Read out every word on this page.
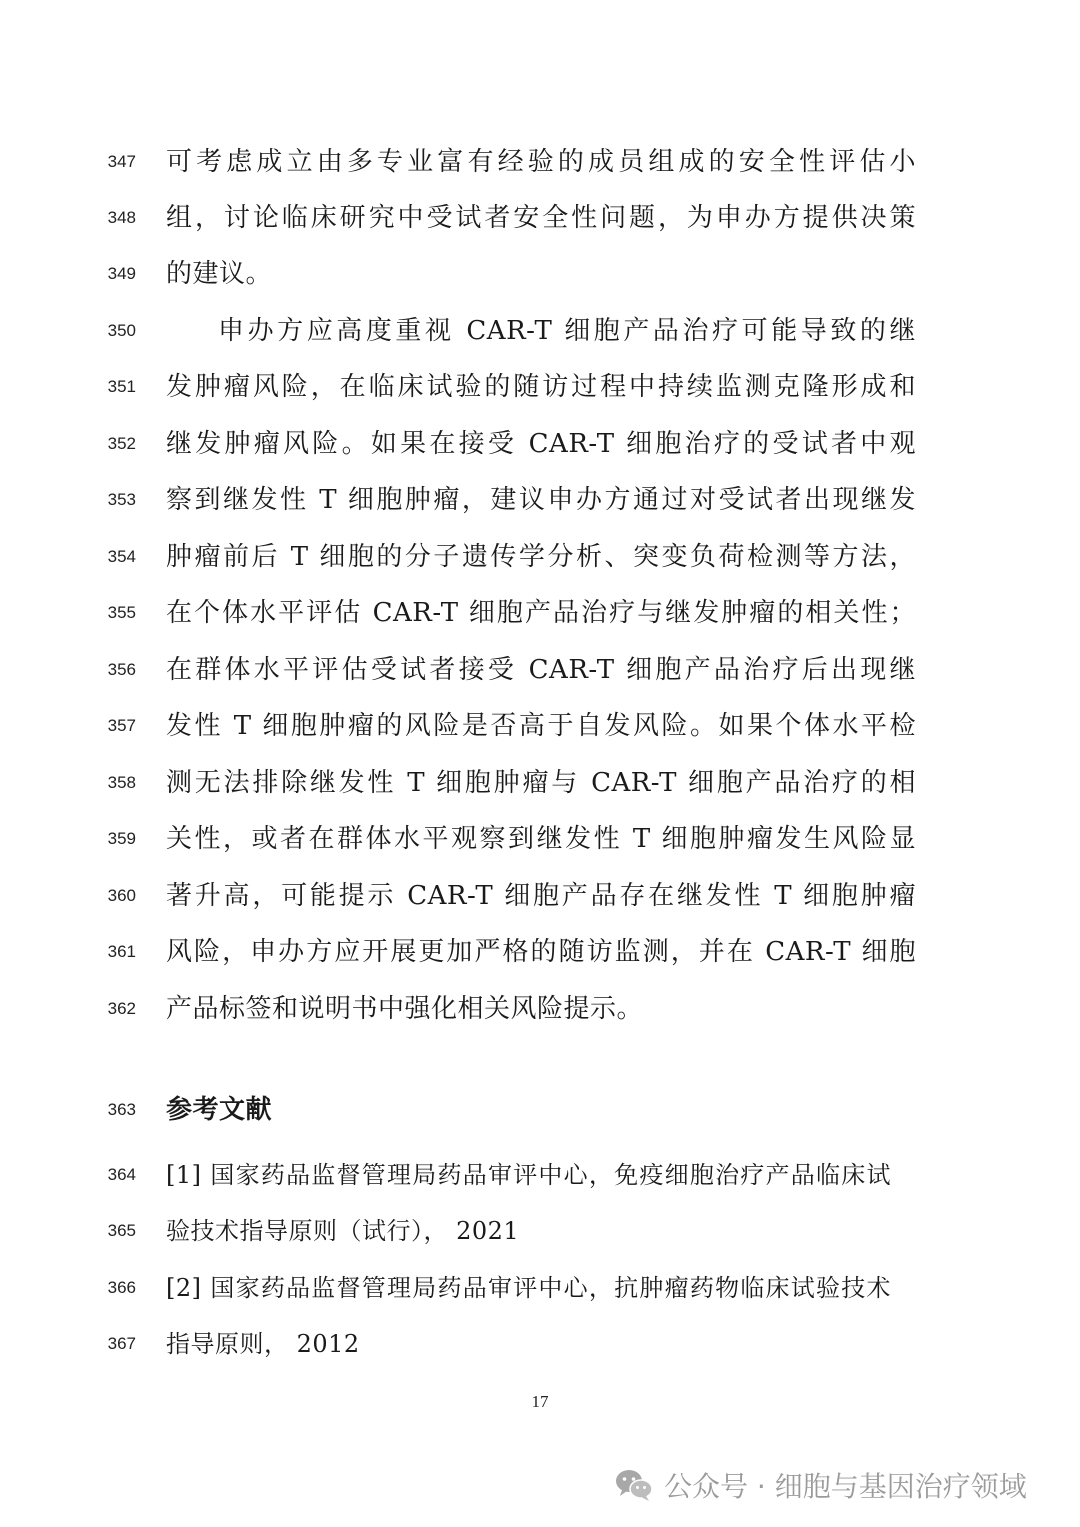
347 可考虑成立由多专业富有经验的成员组成的安全性评估小
348 组，讨论临床研究中受试者安全性问题，为申办方提供决策
349 的建议。
350	申办方应高度重视 CAR-T 细胞产品治疗可能导致的继
351 发肿瘤风险，在临床试验的随访过程中持续监测克隆形成和
352 继发肿瘤风险。如果在接受 CAR-T 细胞治疗的受试者中观
353 察到继发性 T 细胞肿瘤，建议申办方通过对受试者出现继发
354 肿瘤前后 T 细胞的分子遗传学分析、突变负荷检测等方法，
355 在个体水平评估 CAR-T 细胞产品治疗与继发肿瘤的相关性；
356 在群体水平评估受试者接受 CAR-T 细胞产品治疗后出现继
357 发性 T 细胞肿瘤的风险是否高于自发风险。如果个体水平检
358 测无法排除继发性 T 细胞肿瘤与 CAR-T 细胞产品治疗的相
359 关性，或者在群体水平观察到继发性 T 细胞肿瘤发生风险显
360 著升高，可能提示 CAR-T 细胞产品存在继发性 T 细胞肿瘤
361 风险，申办方应开展更加严格的随访监测，并在 CAR-T 细胞
362 产品标签和说明书中强化相关风险提示。
363 参考文献
364 [1] 国家药品监督管理局药品审评中心，免疫细胞治疗产品临床试
365 验技术指导原则（试行）， 2021
366 [2] 国家药品监督管理局药品审评中心，抗肿瘤药物临床试验技术
367 指导原则， 2012
17
公众号 · 细胞与基因治疗领域
